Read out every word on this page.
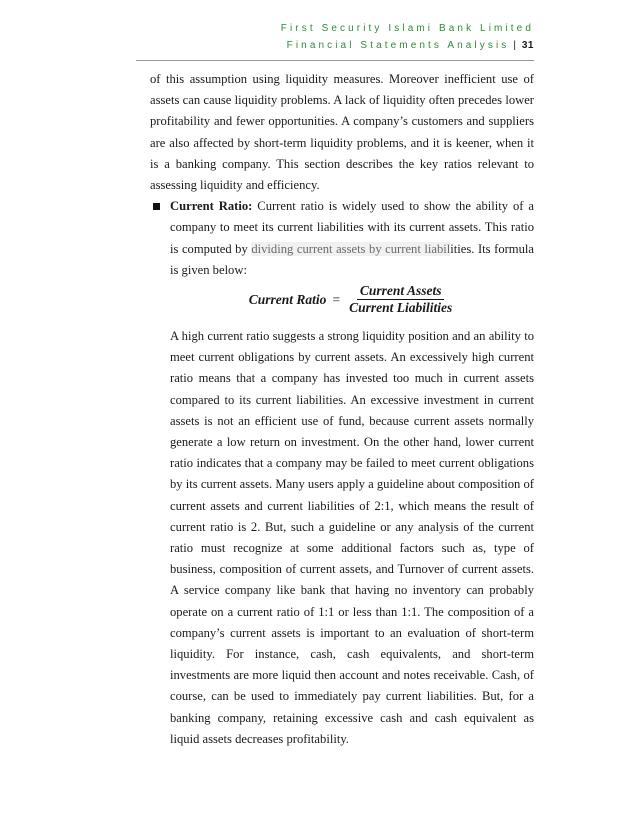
First Security Islami Bank Limited
Financial Statements Analysis | 31

of this assumption using liquidity measures. Moreover inefficient use of assets can cause liquidity problems. A lack of liquidity often precedes lower profitability and fewer opportunities. A company’s customers and suppliers are also affected by short-term liquidity problems, and it is keener, when it is a banking company. This section describes the key ratios relevant to assessing liquidity and efficiency.

Current Ratio: Current ratio is widely used to show the ability of a company to meet its current liabilities with its current assets. This ratio is computed by dividing current assets by current liabilities. Its formula is given below:

Current Ratio = $\frac{\text{Current Assets}}{\text{Current Liabilities}}$

A high current ratio suggests a strong liquidity position and an ability to meet current obligations by current assets. An excessively high current ratio means that a company has invested too much in current assets compared to its current liabilities. An excessive investment in current assets is not an efficient use of fund, because current assets normally generate a low return on investment. On the other hand, lower current ratio indicates that a company may be failed to meet current obligations by its current assets. Many users apply a guideline about composition of current assets and current liabilities of 2:1, which means the result of current ratio is 2. But, such a guideline or any analysis of the current ratio must recognize at some additional factors such as, type of business, composition of current assets, and Turnover of current assets. A service company like bank that having no inventory can probably operate on a current ratio of 1:1 or less than 1:1. The composition of a company’s current assets is important to an evaluation of short-term liquidity. For instance, cash, cash equivalents, and short-term investments are more liquid then account and notes receivable. Cash, of course, can be used to immediately pay current liabilities. But, for a banking company, retaining excessive cash and cash equivalent as liquid assets decreases profitability.
